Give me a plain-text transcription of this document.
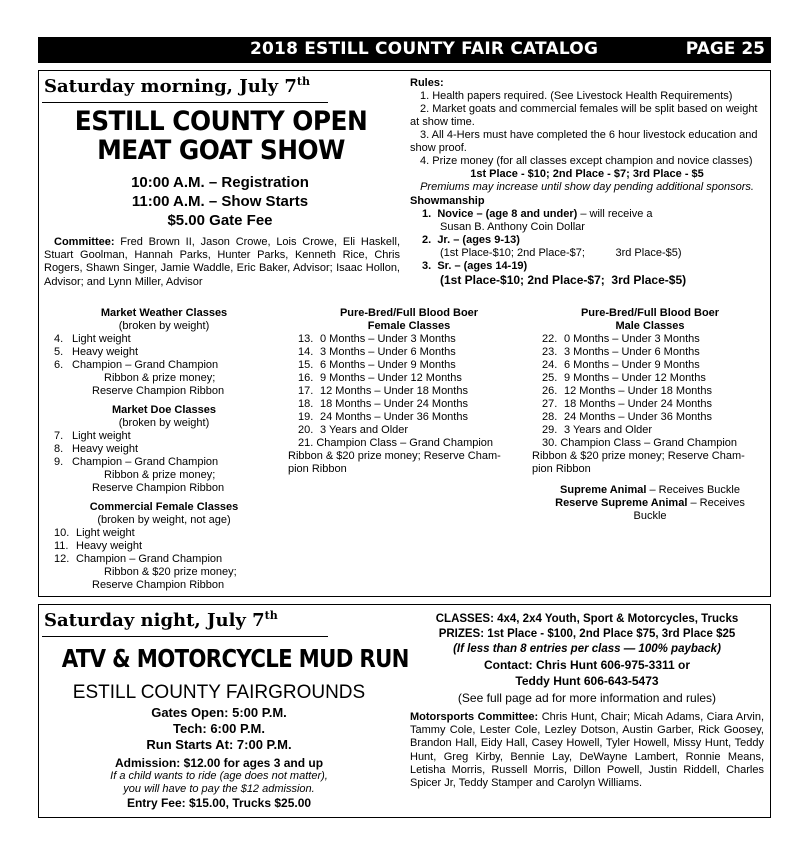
2018 ESTILL COUNTY FAIR CATALOG	PAGE 25
Saturday morning, July 7th
ESTILL COUNTY OPEN
MEAT GOAT SHOW
10:00 A.M. – Registration
11:00 A.M. – Show Starts
$5.00 Gate Fee
Committee: Fred Brown II, Jason Crowe, Lois Crowe, Eli Haskell, Stuart Goolman, Hannah Parks, Hunter Parks, Kenneth Rice, Chris Rogers, Shawn Singer, Jamie Waddle, Eric Baker, Advisor; Isaac Hollon, Advisor; and Lynn Miller, Advisor
Rules:
1. Health papers required. (See Livestock Health Requirements)
2. Market goats and commercial females will be split based on weight at show time.
3. All 4-Hers must have completed the 6 hour livestock education and show proof.
4. Prize money (for all classes except champion and novice classes)
1st Place - $10; 2nd Place - $7; 3rd Place - $5
Premiums may increase until show day pending additional sponsors.
Showmanship
1. Novice – (age 8 and under) – will receive a
Susan B. Anthony Coin Dollar
2. Jr. – (ages 9-13)
(1st Place-$10; 2nd Place-$7;          3rd Place-$5)
3. Sr. – (ages 14-19)
(1st Place-$10; 2nd Place-$7;  3rd Place-$5)
Market Weather Classes
(broken by weight)
4. Light weight
5. Heavy weight
6. Champion – Grand Champion
Ribbon & prize money;
Reserve Champion Ribbon
Market Doe Classes
(broken by weight)
7. Light weight
8. Heavy weight
9. Champion – Grand Champion
Ribbon & prize money;
Reserve Champion Ribbon
Commercial Female Classes
(broken by weight, not age)
10. Light weight
11. Heavy weight
12. Champion – Grand Champion
Ribbon & $20 prize money;
Reserve Champion Ribbon
Pure-Bred/Full Blood Boer
Female Classes
13. 0 Months – Under 3 Months
14. 3 Months – Under 6 Months
15. 6 Months – Under 9 Months
16. 9 Months – Under 12 Months
17. 12 Months – Under 18 Months
18. 18 Months – Under 24 Months
19. 24 Months – Under 36 Months
20. 3 Years and Older
21. Champion Class – Grand Champion
Ribbon & $20 prize money; Reserve Cham-
pion Ribbon
Pure-Bred/Full Blood Boer
Male Classes
22. 0 Months – Under 3 Months
23. 3 Months – Under 6 Months
24. 6 Months – Under 9 Months
25. 9 Months – Under 12 Months
26. 12 Months – Under 18 Months
27. 18 Months – Under 24 Months
28. 24 Months – Under 36 Months
29. 3 Years and Older
30. Champion Class – Grand Champion
Ribbon & $20 prize money; Reserve Cham-
pion Ribbon
Supreme Animal – Receives Buckle
Reserve Supreme Animal – Receives
Buckle
Saturday night, July 7th
ATV & MOTORCYCLE MUD RUN
ESTILL COUNTY FAIRGROUNDS
Gates Open: 5:00 P.M.
Tech: 6:00 P.M.
Run Starts At: 7:00 P.M.
Admission: $12.00 for ages 3 and up
If a child wants to ride (age does not matter),
you will have to pay the $12 admission.
Entry Fee: $15.00, Trucks $25.00
CLASSES: 4x4, 2x4 Youth, Sport & Motorcycles, Trucks
PRIZES: 1st Place - $100, 2nd Place $75, 3rd Place $25
(If less than 8 entries per class — 100% payback)
Contact: Chris Hunt 606-975-3311 or
Teddy Hunt 606-643-5473
(See full page ad for more information and rules)
Motorsports Committee: Chris Hunt, Chair; Micah Adams, Ciara Arvin, Tammy Cole, Lester Cole, Lezley Dotson, Austin Garber, Rick Goosey, Brandon Hall, Eidy Hall, Casey Howell, Tyler Howell, Missy Hunt, Teddy Hunt, Greg Kirby, Bennie Lay, DeWayne Lambert, Ronnie Means, Letisha Morris, Russell Morris, Dillon Powell, Justin Riddell, Charles Spicer Jr, Teddy Stamper and Carolyn Williams.
